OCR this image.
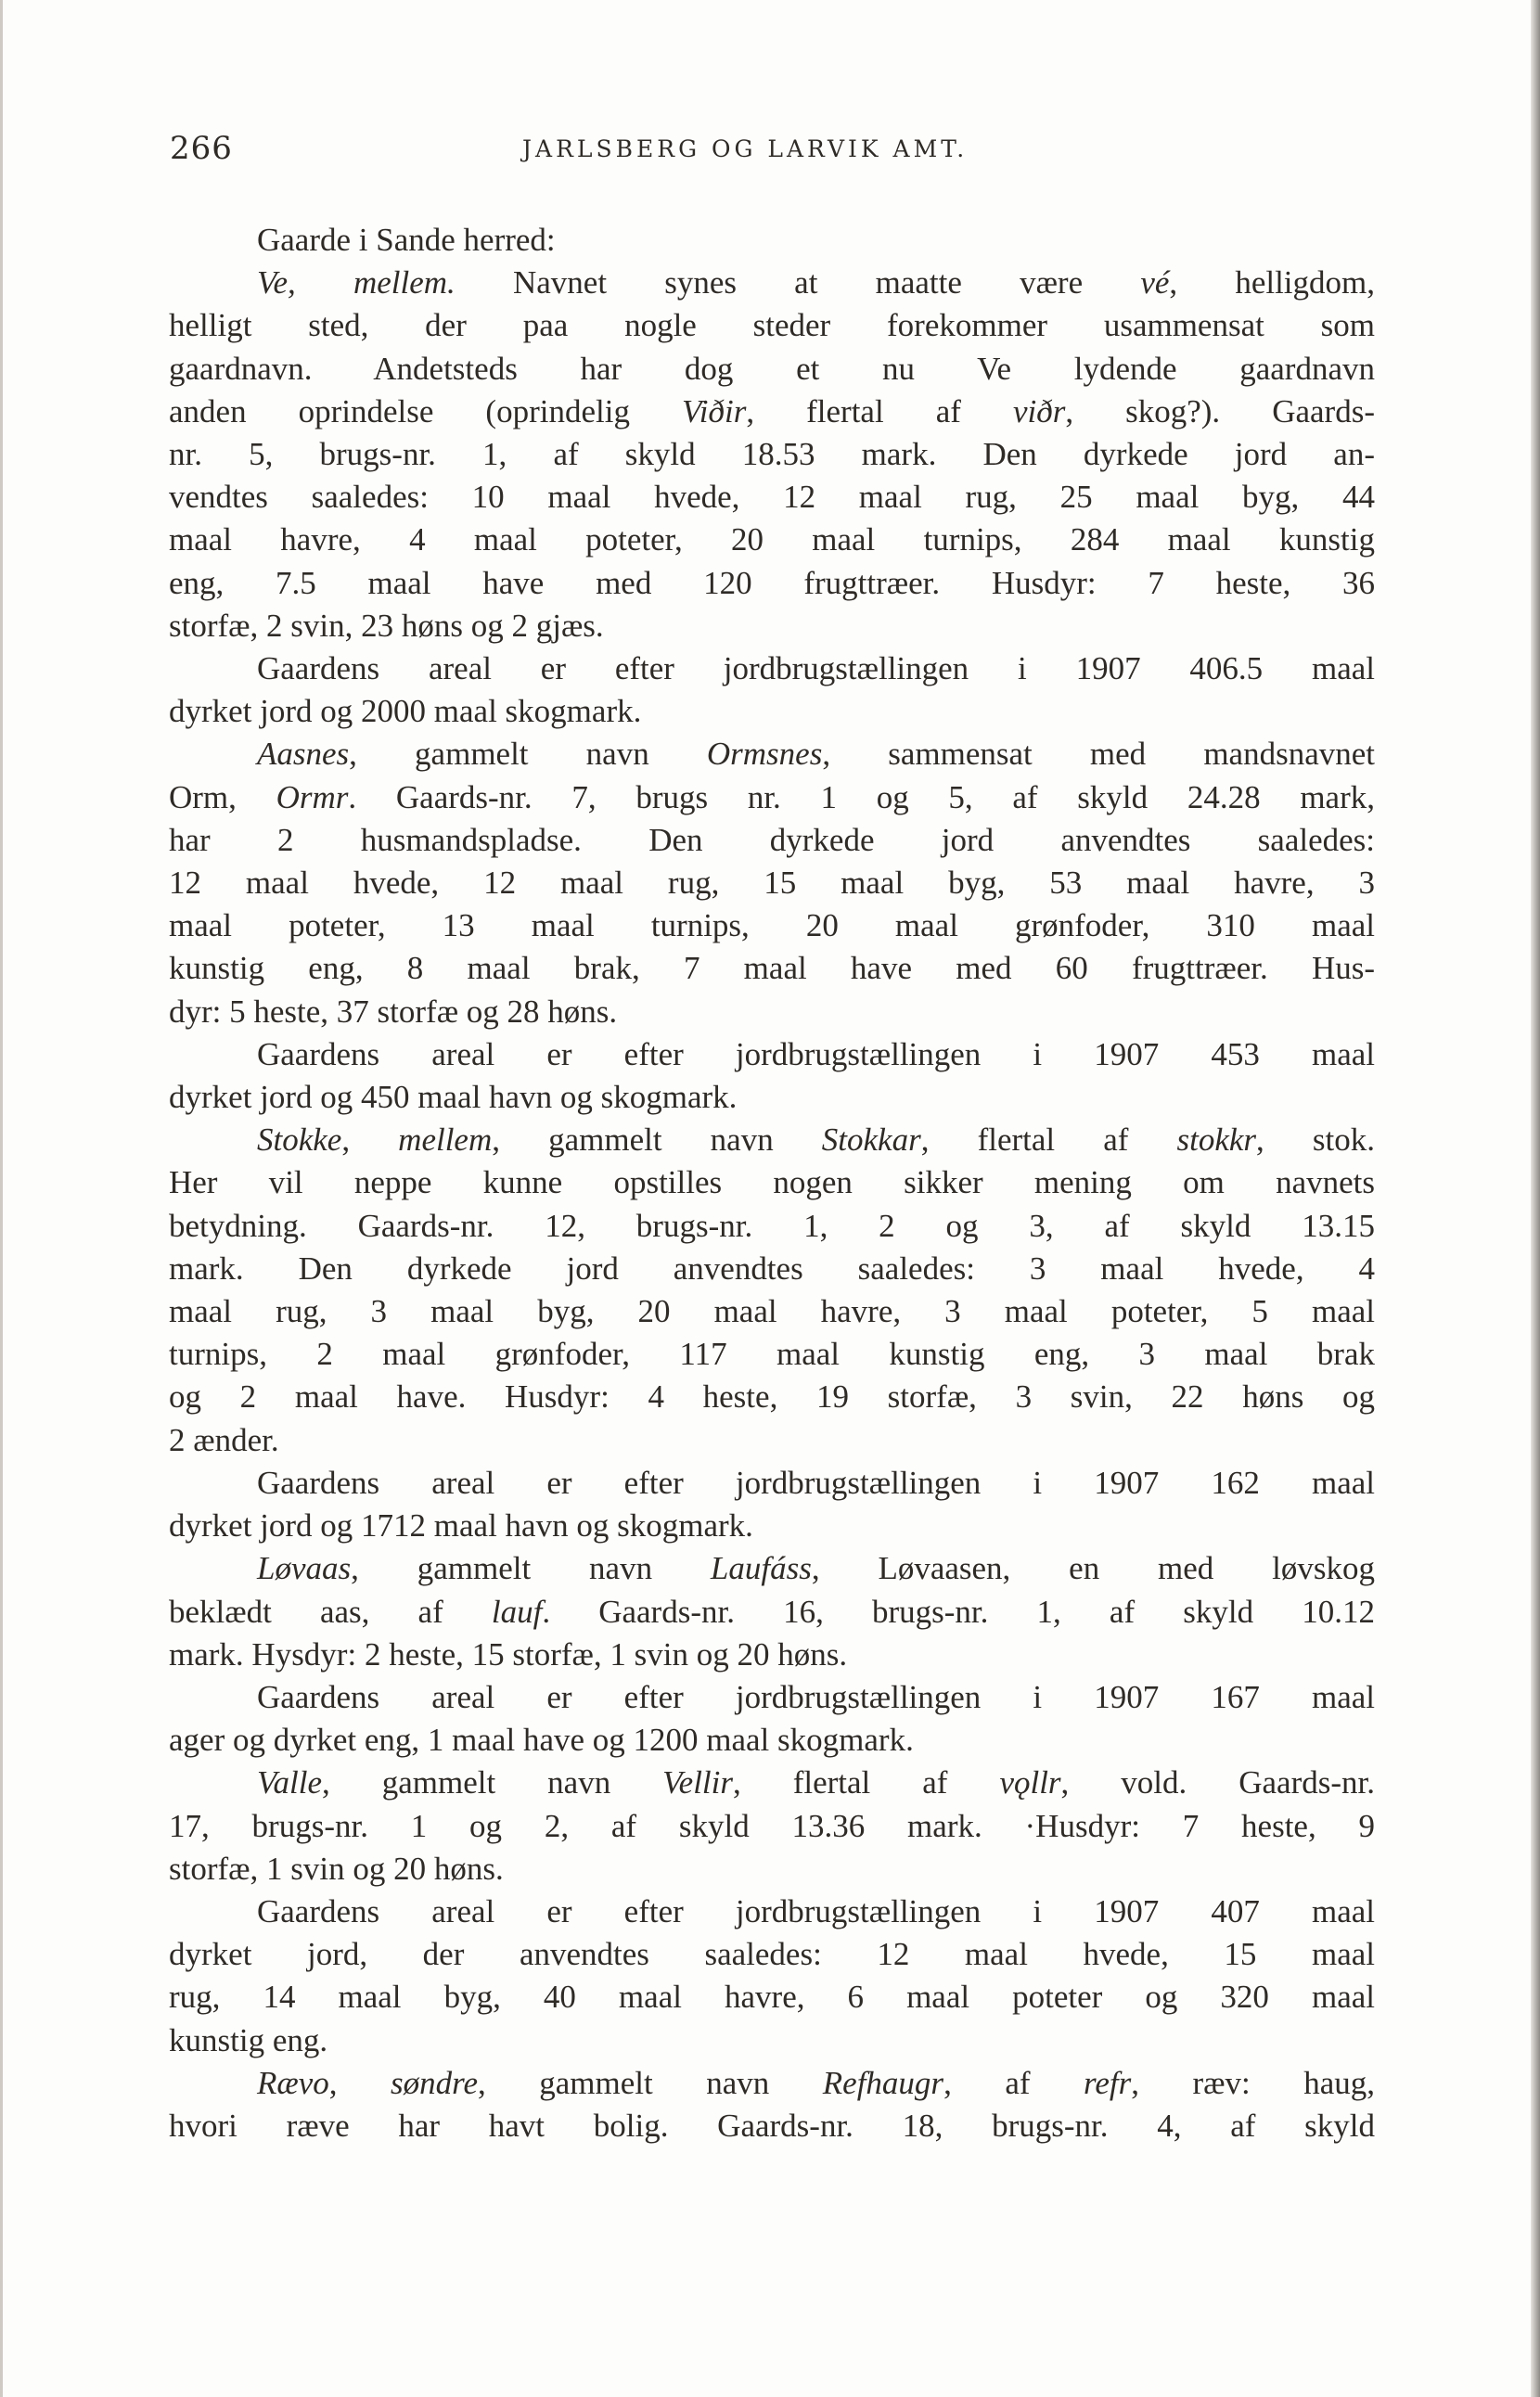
266	JARLSBERG OG LARVIK AMT.

Gaarde i Sande herred:

Ve, mellem. Navnet synes at maatte være vé, helligdom,
helligt sted, der paa nogle steder forekommer usammensat som
gaardnavn. Andetsteds har dog et nu Ve lydende gaardnavn
anden oprindelse (oprindelig Viðir, flertal af viðr, skog?). Gaards-
nr. 5, brugs-nr. 1, af skyld 18.53 mark. Den dyrkede jord an-
vendtes saaledes: 10 maal hvede, 12 maal rug, 25 maal byg, 44
maal havre, 4 maal poteter, 20 maal turnips, 284 maal kunstig
eng, 7.5 maal have med 120 frugttræer. Husdyr: 7 heste, 36
storfæ, 2 svin, 23 høns og 2 gjæs.

Gaardens areal er efter jordbrugstællingen i 1907 406.5 maal
dyrket jord og 2000 maal skogmark.

Aasnes, gammelt navn Ormsnes, sammensat med mandsnavnet
Orm, Ormr. Gaards-nr. 7, brugs nr. 1 og 5, af skyld 24.28 mark,
har 2 husmandspladse. Den dyrkede jord anvendtes saaledes:
12 maal hvede, 12 maal rug, 15 maal byg, 53 maal havre, 3
maal poteter, 13 maal turnips, 20 maal grønfoder, 310 maal
kunstig eng, 8 maal brak, 7 maal have med 60 frugttræer. Hus-
dyr: 5 heste, 37 storfæ og 28 høns.

Gaardens areal er efter jordbrugstællingen i 1907 453 maal
dyrket jord og 450 maal havn og skogmark.

Stokke, mellem, gammelt navn Stokkar, flertal af stokkr, stok.
Her vil neppe kunne opstilles nogen sikker mening om navnets
betydning. Gaards-nr. 12, brugs-nr. 1, 2 og 3, af skyld 13.15
mark. Den dyrkede jord anvendtes saaledes: 3 maal hvede, 4
maal rug, 3 maal byg, 20 maal havre, 3 maal poteter, 5 maal
turnips, 2 maal grønfoder, 117 maal kunstig eng, 3 maal brak
og 2 maal have. Husdyr: 4 heste, 19 storfæ, 3 svin, 22 høns og
2 ænder.

Gaardens areal er efter jordbrugstællingen i 1907 162 maal
dyrket jord og 1712 maal havn og skogmark.

Løvaas, gammelt navn Laufáss, Løvaasen, en med løvskog
beklædt aas, af lauf. Gaards-nr. 16, brugs-nr. 1, af skyld 10.12
mark. Hysdyr: 2 heste, 15 storfæ, 1 svin og 20 høns.

Gaardens areal er efter jordbrugstællingen i 1907 167 maal
ager og dyrket eng, 1 maal have og 1200 maal skogmark.

Valle, gammelt navn Vellir, flertal af vǫllr, vold. Gaards-nr.
17, brugs-nr. 1 og 2, af skyld 13.36 mark. ·Husdyr: 7 heste, 9
storfæ, 1 svin og 20 høns.

Gaardens areal er efter jordbrugstællingen i 1907 407 maal
dyrket jord, der anvendtes saaledes: 12 maal hvede, 15 maal
rug, 14 maal byg, 40 maal havre, 6 maal poteter og 320 maal
kunstig eng.

Rævo, søndre, gammelt navn Refhaugr, af refr, ræv: haug,
hvori ræve har havt bolig. Gaards-nr. 18, brugs-nr. 4, af skyld
